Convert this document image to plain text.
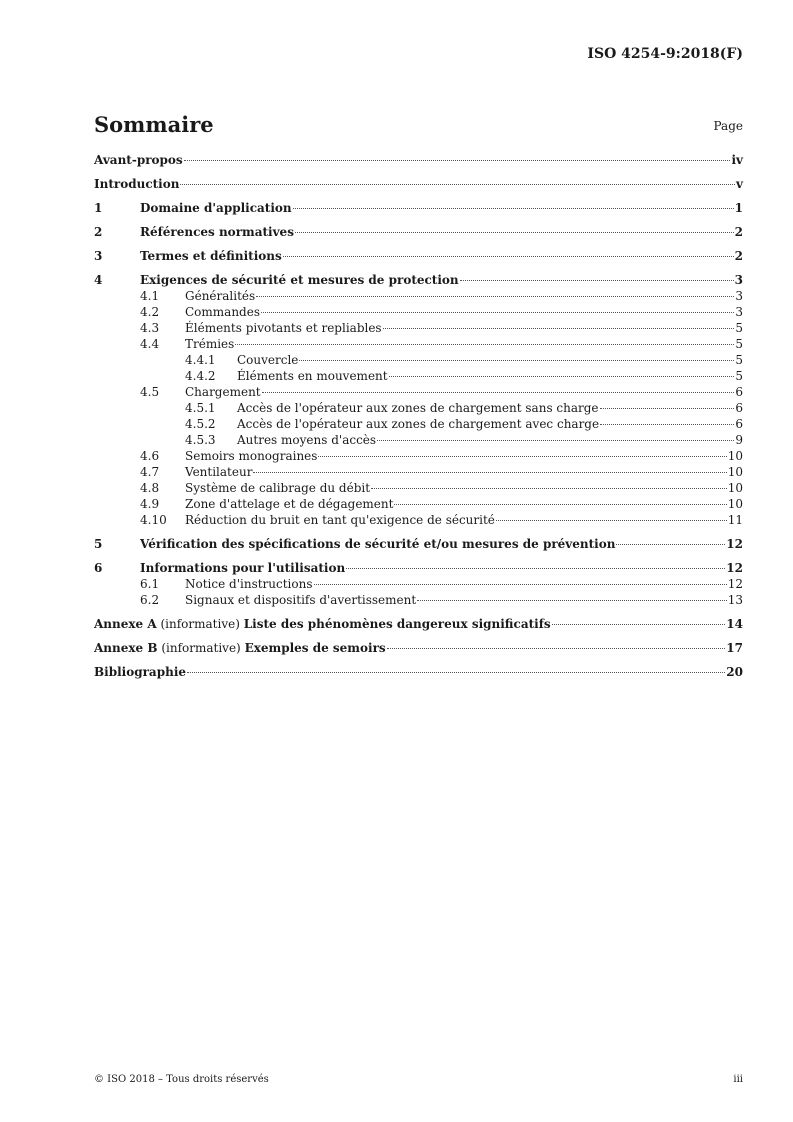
ISO 4254-9:2018(F)
Sommaire	Page
Avant-propos	iv
Introduction	v
1	Domaine d'application	1
2	Références normatives	2
3	Termes et définitions	2
4	Exigences de sécurité et mesures de protection	3
4.1	Généralités	3
4.2	Commandes	3
4.3	Éléments pivotants et repliables	5
4.4	Trémies	5
4.4.1	Couvercle	5
4.4.2	Éléments en mouvement	5
4.5	Chargement	6
4.5.1	Accès de l'opérateur aux zones de chargement sans charge	6
4.5.2	Accès de l'opérateur aux zones de chargement avec charge	6
4.5.3	Autres moyens d'accès	9
4.6	Semoirs monograines	10
4.7	Ventilateur	10
4.8	Système de calibrage du débit	10
4.9	Zone d'attelage et de dégagement	10
4.10	Réduction du bruit en tant qu'exigence de sécurité	11
5	Vérification des spécifications de sécurité et/ou mesures de prévention	12
6	Informations pour l'utilisation	12
6.1	Notice d'instructions	12
6.2	Signaux et dispositifs d'avertissement	13
Annexe A (informative) Liste des phénomènes dangereux significatifs	14
Annexe B (informative) Exemples de semoirs	17
Bibliographie	20
© ISO 2018 – Tous droits réservés	iii
